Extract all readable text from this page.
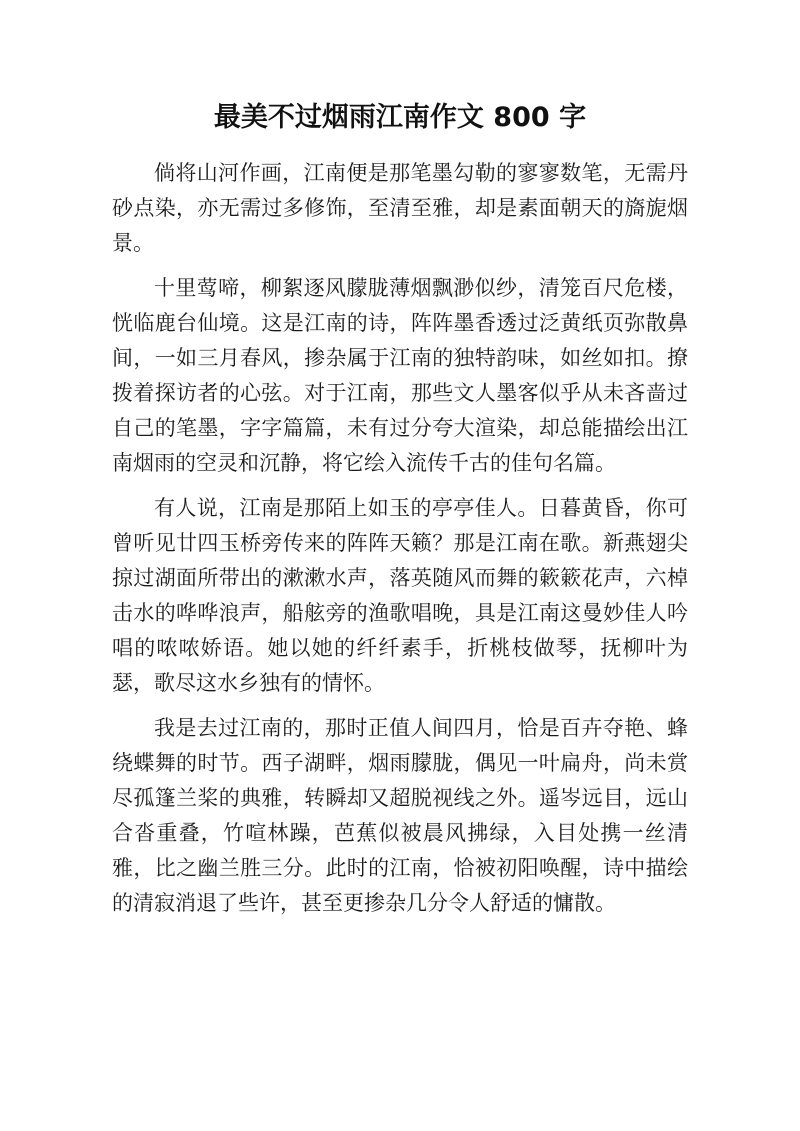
最美不过烟雨江南作文 800 字

倘将山河作画，江南便是那笔墨勾勒的寥寥数笔，无需丹砂点染，亦无需过多修饰，至清至雅，却是素面朝天的旖旎烟景。

十里莺啼，柳絮逐风朦胧薄烟飘渺似纱，清笼百尺危楼，恍临鹿台仙境。这是江南的诗，阵阵墨香透过泛黄纸页弥散鼻间，一如三月春风，掺杂属于江南的独特韵味，如丝如扣。撩拨着探访者的心弦。对于江南，那些文人墨客似乎从未吝啬过自己的笔墨，字字篇篇，未有过分夸大渲染，却总能描绘出江南烟雨的空灵和沉静，将它绘入流传千古的佳句名篇。

有人说，江南是那陌上如玉的亭亭佳人。日暮黄昏，你可曾听见廿四玉桥旁传来的阵阵天籁？那是江南在歌。新燕翅尖掠过湖面所带出的漱漱水声，落英随风而舞的簌簌花声，六棹击水的哗哗浪声，船舷旁的渔歌唱晚，具是江南这曼妙佳人吟唱的哝哝娇语。她以她的纤纤素手，折桃枝做琴，抚柳叶为瑟，歌尽这水乡独有的情怀。

我是去过江南的，那时正值人间四月，恰是百卉夺艳、蜂绕蝶舞的时节。西子湖畔，烟雨朦胧，偶见一叶扁舟，尚未赏尽孤篷兰桨的典雅，转瞬却又超脱视线之外。遥岑远目，远山合沓重叠，竹喧林躁，芭蕉似被晨风拂绿，入目处携一丝清雅，比之幽兰胜三分。此时的江南，恰被初阳唤醒，诗中描绘的清寂消退了些许，甚至更掺杂几分令人舒适的慵散。
